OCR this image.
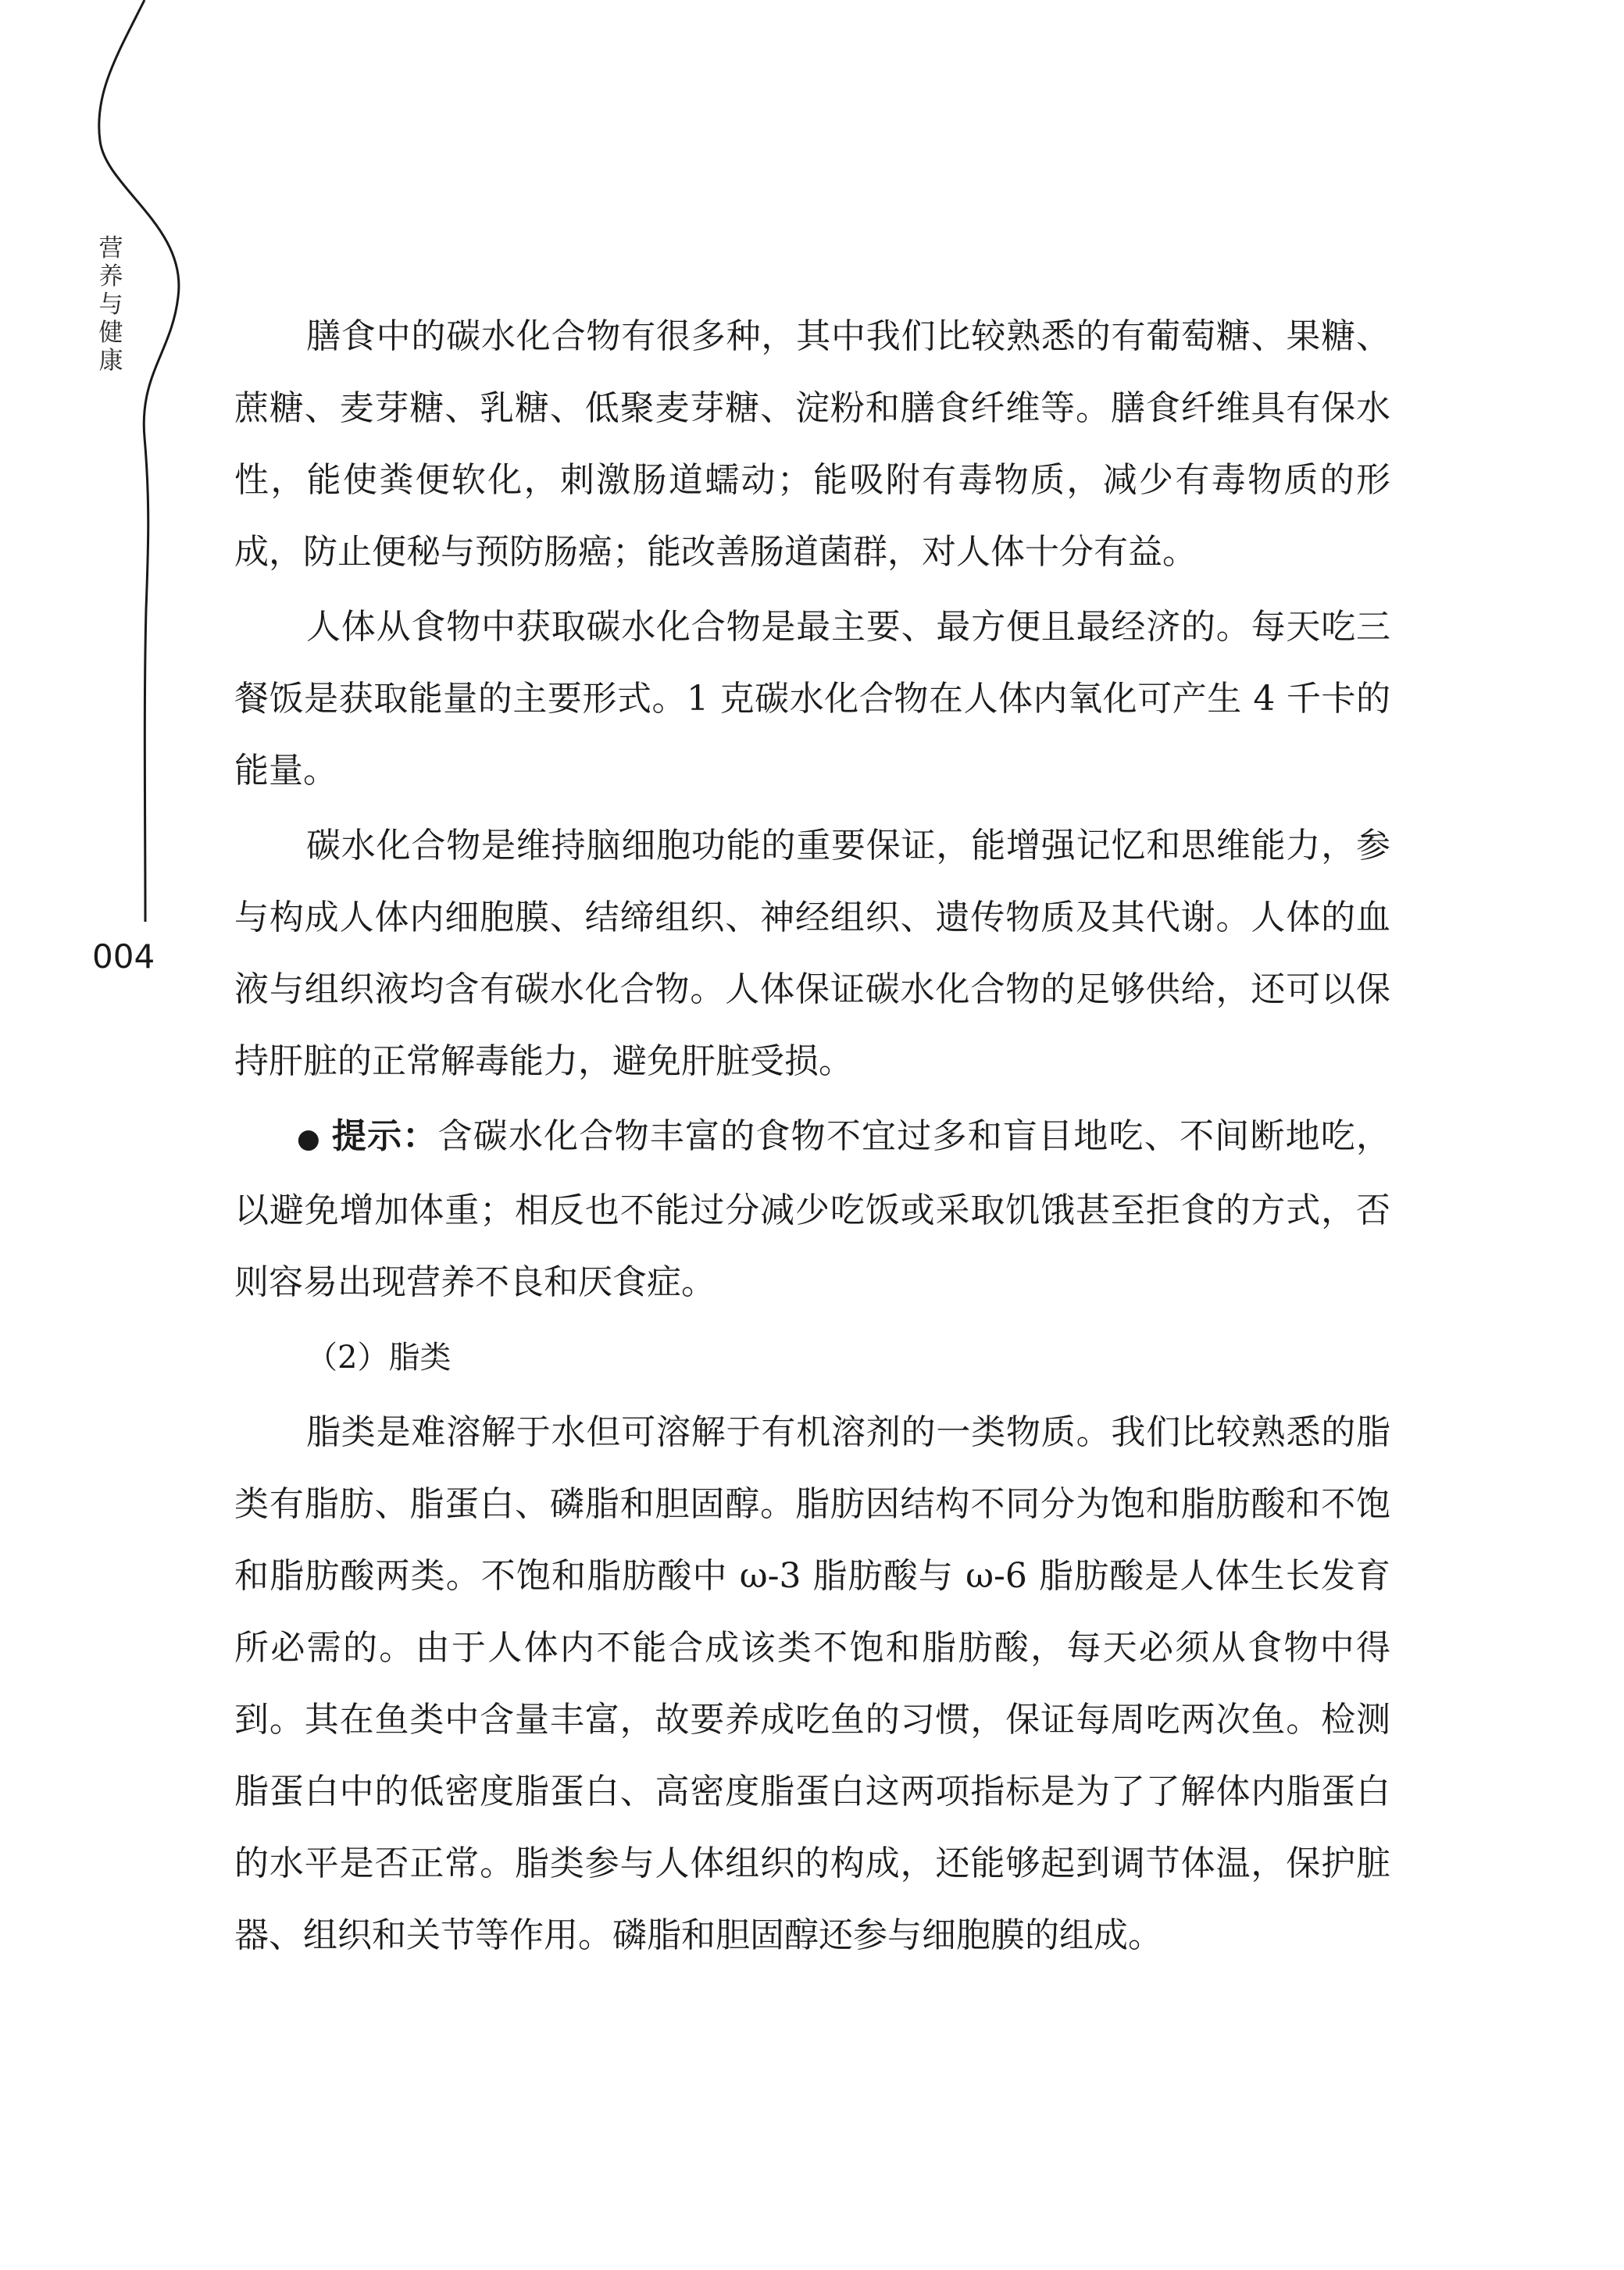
营
养
与
健
康
004

膳食中的碳水化合物有很多种，其中我们比较熟悉的有葡萄糖、果糖、蔗糖、麦芽糖、乳糖、低聚麦芽糖、淀粉和膳食纤维等。膳食纤维具有保水性，能使粪便软化，刺激肠道蠕动；能吸附有毒物质，减少有毒物质的形成，防止便秘与预防肠癌；能改善肠道菌群，对人体十分有益。

人体从食物中获取碳水化合物是最主要、最方便且最经济的。每天吃三餐饭是获取能量的主要形式。1 克碳水化合物在人体内氧化可产生 4 千卡的能量。

碳水化合物是维持脑细胞功能的重要保证，能增强记忆和思维能力，参与构成人体内细胞膜、结缔组织、神经组织、遗传物质及其代谢。人体的血液与组织液均含有碳水化合物。人体保证碳水化合物的足够供给，还可以保持肝脏的正常解毒能力，避免肝脏受损。

● 提示：含碳水化合物丰富的食物不宜过多和盲目地吃、不间断地吃，以避免增加体重；相反也不能过分减少吃饭或采取饥饿甚至拒食的方式，否则容易出现营养不良和厌食症。

（2）脂类

脂类是难溶解于水但可溶解于有机溶剂的一类物质。我们比较熟悉的脂类有脂肪、脂蛋白、磷脂和胆固醇。脂肪因结构不同分为饱和脂肪酸和不饱和脂肪酸两类。不饱和脂肪酸中 ω-3 脂肪酸与 ω-6 脂肪酸是人体生长发育所必需的。由于人体内不能合成该类不饱和脂肪酸，每天必须从食物中得到。其在鱼类中含量丰富，故要养成吃鱼的习惯，保证每周吃两次鱼。检测脂蛋白中的低密度脂蛋白、高密度脂蛋白这两项指标是为了了解体内脂蛋白的水平是否正常。脂类参与人体组织的构成，还能够起到调节体温，保护脏器、组织和关节等作用。磷脂和胆固醇还参与细胞膜的组成。
